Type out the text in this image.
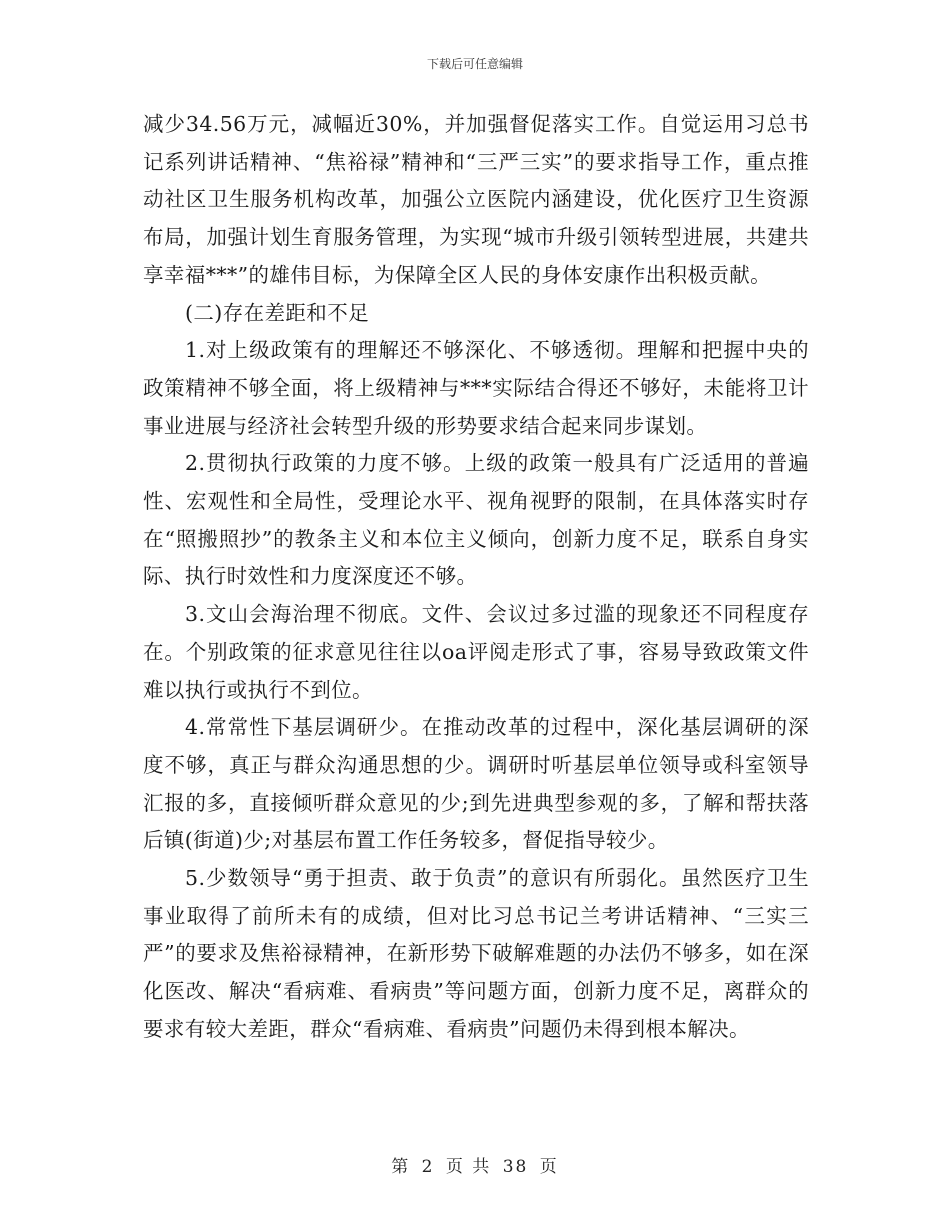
下载后可任意编辑

减少34.56万元，减幅近30%，并加强督促落实工作。自觉运用习总书记系列讲话精神、“焦裕禄”精神和“三严三实”的要求指导工作，重点推动社区卫生服务机构改革，加强公立医院内涵建设，优化医疗卫生资源布局，加强计划生育服务管理，为实现“城市升级引领转型进展，共建共享幸福***”的雄伟目标，为保障全区人民的身体安康作出积极贡献。

(二)存在差距和不足

1.对上级政策有的理解还不够深化、不够透彻。理解和把握中央的政策精神不够全面，将上级精神与***实际结合得还不够好，未能将卫计事业进展与经济社会转型升级的形势要求结合起来同步谋划。

2.贯彻执行政策的力度不够。上级的政策一般具有广泛适用的普遍性、宏观性和全局性，受理论水平、视角视野的限制，在具体落实时存在“照搬照抄”的教条主义和本位主义倾向，创新力度不足，联系自身实际、执行时效性和力度深度还不够。

3.文山会海治理不彻底。文件、会议过多过滥的现象还不同程度存在。个别政策的征求意见往往以oa评阅走形式了事，容易导致政策文件难以执行或执行不到位。

4.常常性下基层调研少。在推动改革的过程中，深化基层调研的深度不够，真正与群众沟通思想的少。调研时听基层单位领导或科室领导汇报的多，直接倾听群众意见的少;到先进典型参观的多，了解和帮扶落后镇(街道)少;对基层布置工作任务较多，督促指导较少。

5.少数领导“勇于担责、敢于负责”的意识有所弱化。虽然医疗卫生事业取得了前所未有的成绩，但对比习总书记兰考讲话精神、“三实三严”的要求及焦裕禄精神，在新形势下破解难题的办法仍不够多，如在深化医改、解决“看病难、看病贵”等问题方面，创新力度不足，离群众的要求有较大差距，群众“看病难、看病贵”问题仍未得到根本解决。

第 2 页 共 38 页
